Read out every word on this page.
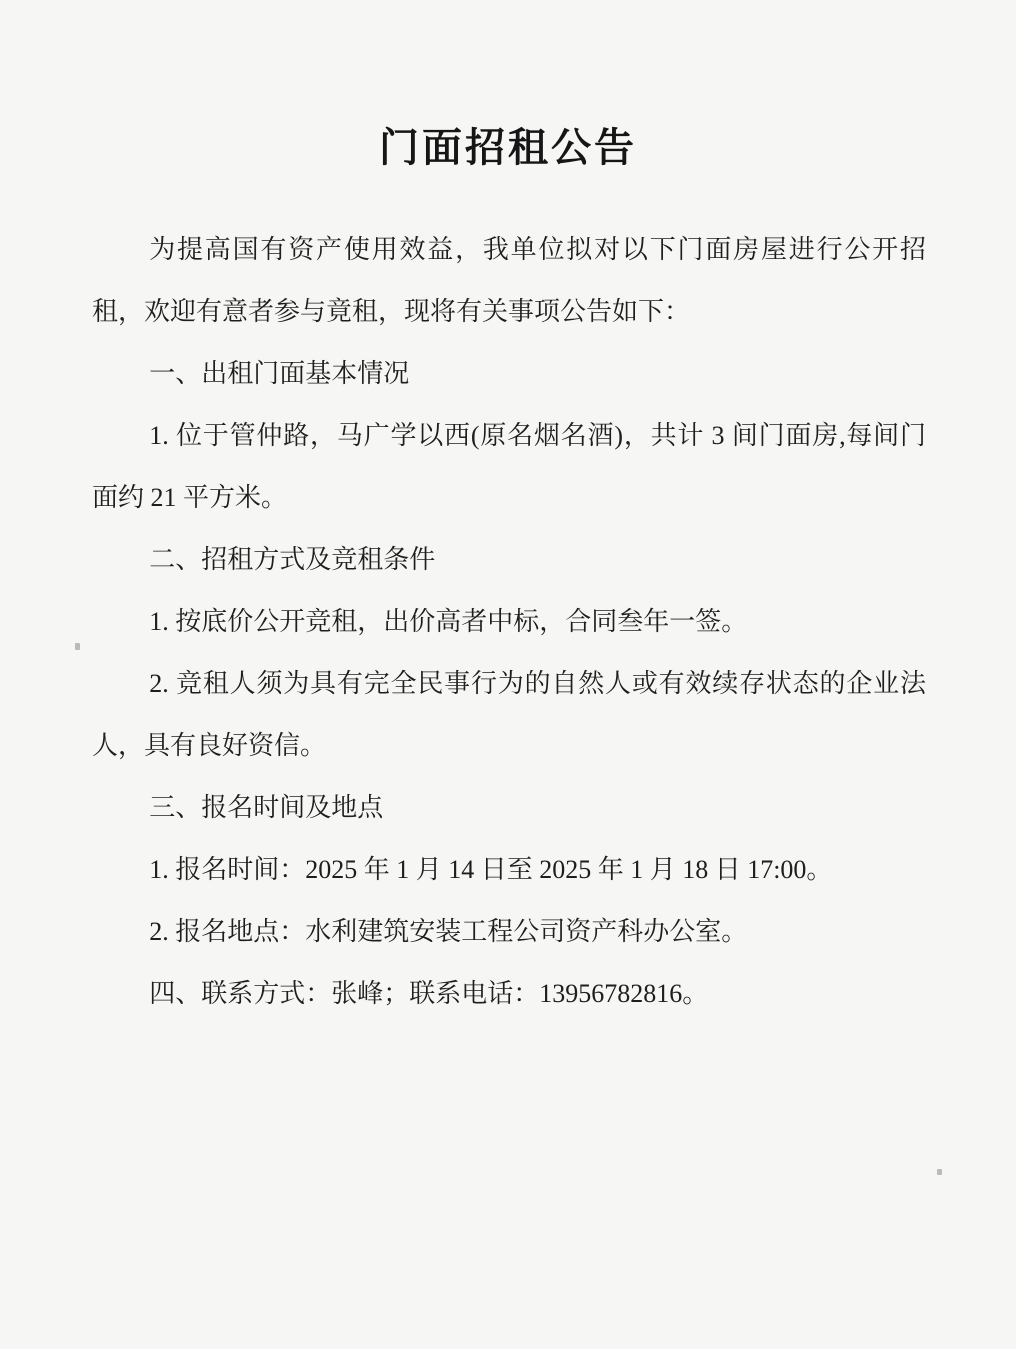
门面招租公告

为提高国有资产使用效益，我单位拟对以下门面房屋进行公开招租，欢迎有意者参与竟租，现将有关事项公告如下：

一、出租门面基本情况

1. 位于管仲路，马广学以西(原名烟名酒)，共计 3 间门面房,每间门面约 21 平方米。

二、招租方式及竞租条件

1. 按底价公开竞租，出价高者中标，合同叁年一签。

2. 竞租人须为具有完全民事行为的自然人或有效续存状态的企业法人，具有良好资信。

三、报名时间及地点

1. 报名时间：2025 年 1 月 14 日至 2025 年 1 月 18 日 17:00。

2. 报名地点：水利建筑安装工程公司资产科办公室。

四、联系方式：张峰；联系电话：13956782816。
